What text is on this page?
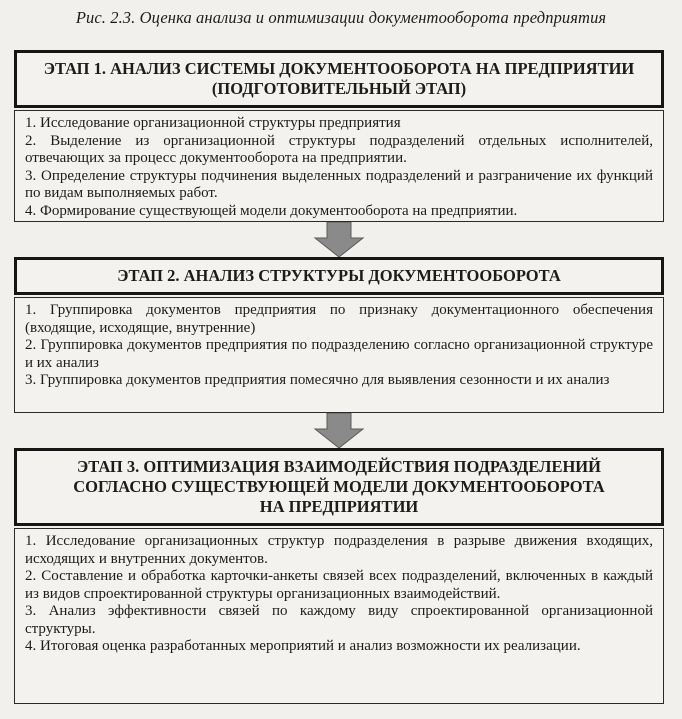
Рис. 2.3. Оценка анализа и оптимизации документооборота предприятия
ЭТАП 1. АНАЛИЗ СИСТЕМЫ ДОКУМЕНТООБОРОТА НА ПРЕДПРИЯТИИ
(ПОДГОТОВИТЕЛЬНЫЙ ЭТАП)
1. Исследование организационной структуры предприятия
2. Выделение из организационной структуры подразделений отдельных исполнителей, отвечающих за процесс документооборота на предприятии.
3. Определение структуры подчинения выделенных подразделений и разграничение их функций по видам выполняемых работ.
4. Формирование существующей модели документооборота на предприятии.
ЭТАП 2. АНАЛИЗ СТРУКТУРЫ ДОКУМЕНТООБОРОТА
1. Группировка документов предприятия по признаку документационного обеспечения (входящие, исходящие, внутренние)
2. Группировка документов предприятия по подразделению согласно организационной структуре и их анализ
3. Группировка документов предприятия помесячно для выявления сезонности и их анализ
ЭТАП 3. ОПТИМИЗАЦИЯ ВЗАИМОДЕЙСТВИЯ ПОДРАЗДЕЛЕНИЙ
СОГЛАСНО СУЩЕСТВУЮЩЕЙ МОДЕЛИ ДОКУМЕНТООБОРОТА
НА ПРЕДПРИЯТИИ
1. Исследование организационных структур подразделения в разрыве движения входящих, исходящих и внутренних документов.
2. Составление и обработка карточки-анкеты связей всех подразделений, включенных в каждый из видов спроектированной структуры организационных взаимодействий.
3. Анализ эффективности связей по каждому виду спроектированной организационной структуры.
4. Итоговая оценка разработанных мероприятий и анализ возможности их реализации.
